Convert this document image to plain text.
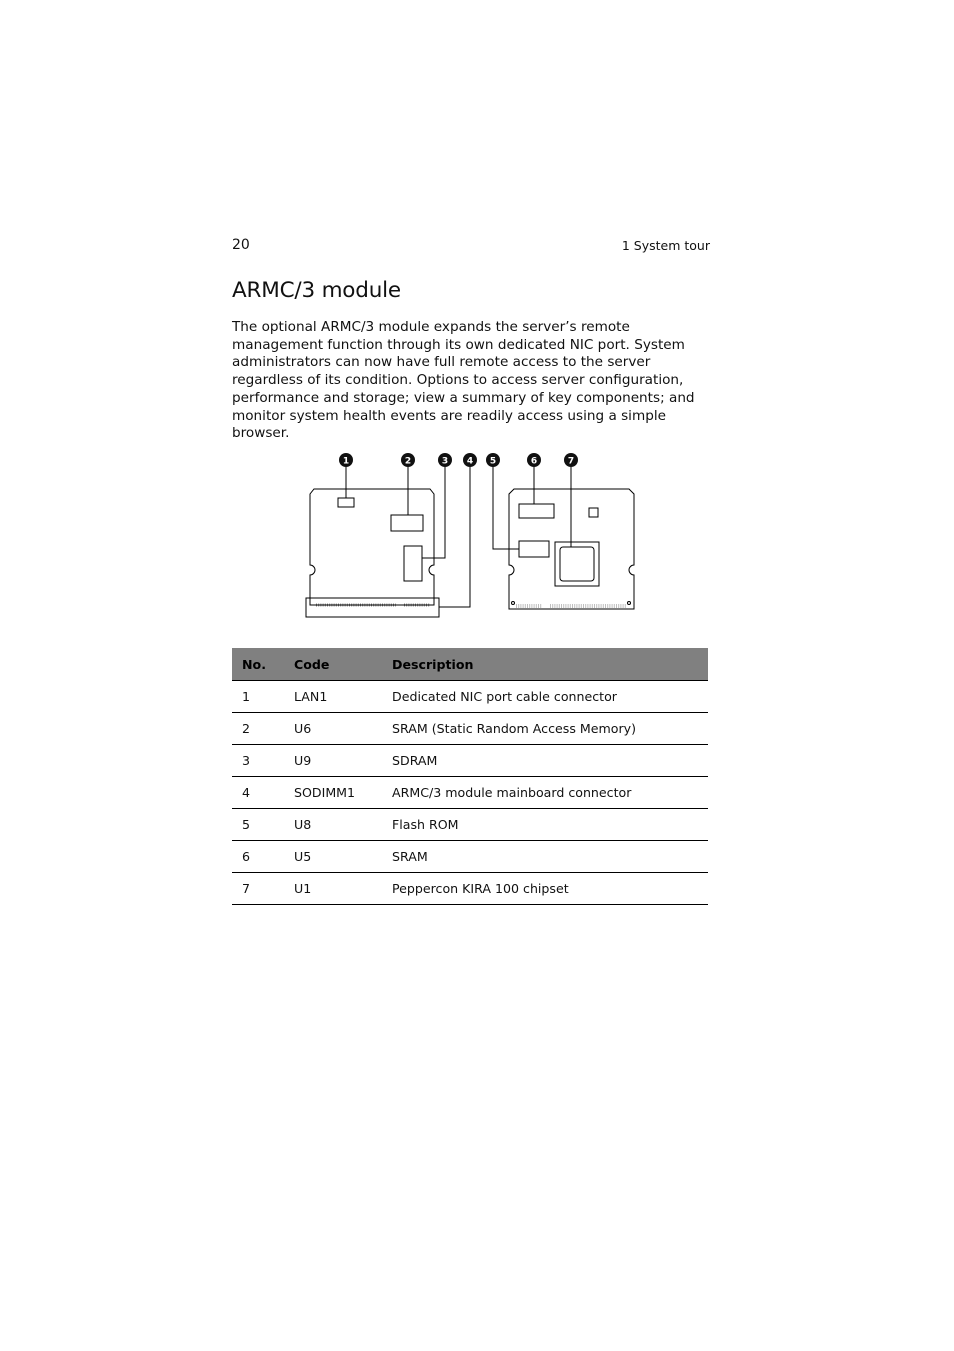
20	1 System tour
ARMC/3 module

The optional ARMC/3 module expands the server’s remote management function through its own dedicated NIC port. System administrators can now have full remote access to the server regardless of its condition. Options to access server configuration, performance and storage; view a summary of key components; and monitor system health events are readily access using a simple browser.

1	2	3 4 5	6	7
No.	Code	Description
1	LAN1	Dedicated NIC port cable connector
2	U6	SRAM (Static Random Access Memory)
3	U9	SDRAM
4	SODIMM1	ARMC/3 module mainboard connector
5	U8	Flash ROM
6	U5	SRAM
7	U1	Peppercon KIRA 100 chipset
